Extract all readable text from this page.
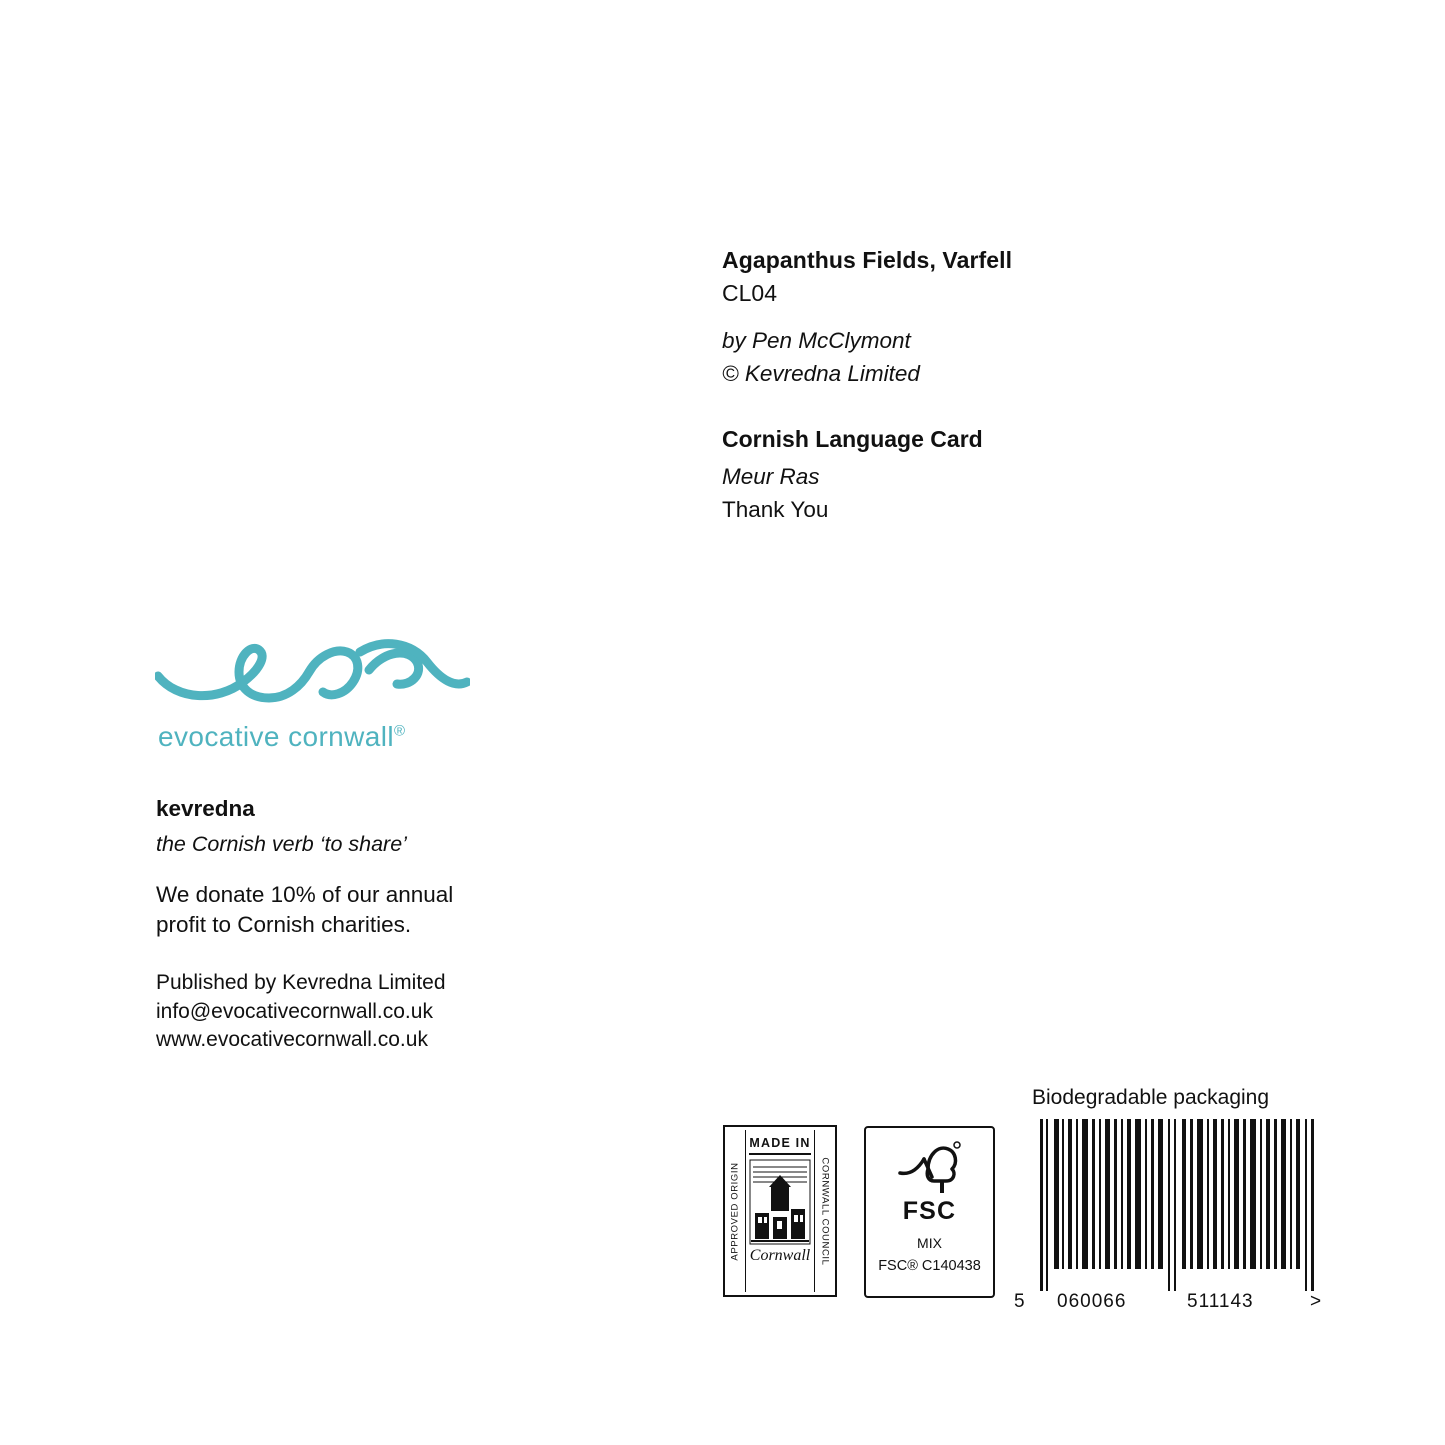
Agapanthus Fields, Varfell
CL04
by Pen McClymont
© Kevredna Limited
Cornish Language Card
Meur Ras
Thank You
evocative cornwall®
kevredna
the Cornish verb ‘to share’
We donate 10% of our annual profit to Cornish charities.
Published by Kevredna Limited
info@evocativecornwall.co.uk
www.evocativecornwall.co.uk
APPROVED ORIGIN
MADE IN
Cornwall CORNWALL COUNCIL	FSC
MIX
FSC® C140438
Biodegradable packaging
5 060066	511143	>
